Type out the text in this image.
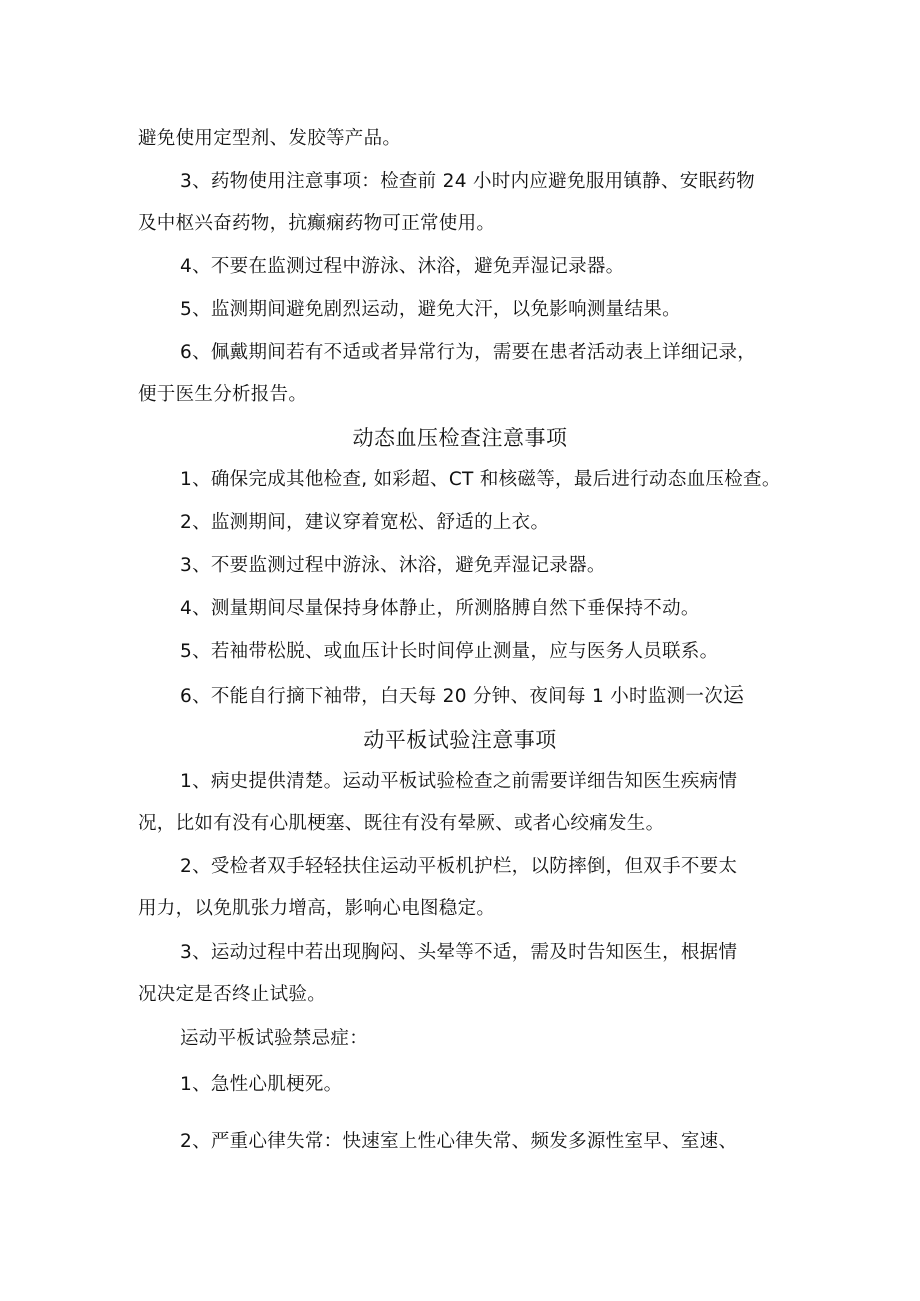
避免使用定型剂、发胶等产品。
3、药物使用注意事项：检查前 24 小时内应避免服用镇静、安眠药物
及中枢兴奋药物，抗癫痫药物可正常使用。
4、不要在监测过程中游泳、沐浴，避免弄湿记录器。
5、监测期间避免剧烈运动，避免大汗，以免影响测量结果。
6、佩戴期间若有不适或者异常行为，需要在患者活动表上详细记录，
便于医生分析报告。
动态血压检查注意事项
1、确保完成其他检查, 如彩超、CT 和核磁等，最后进行动态血压检查。
2、监测期间，建议穿着宽松、舒适的上衣。
3、不要监测过程中游泳、沐浴，避免弄湿记录器。
4、测量期间尽量保持身体静止，所测胳膊自然下垂保持不动。
5、若袖带松脱、或血压计长时间停止测量，应与医务人员联系。
6、不能自行摘下袖带，白天每 20 分钟、夜间每 1 小时监测一次运
动平板试验注意事项
1、病史提供清楚。运动平板试验检查之前需要详细告知医生疾病情
况，比如有没有心肌梗塞、既往有没有晕厥、或者心绞痛发生。
2、受检者双手轻轻扶住运动平板机护栏，以防摔倒，但双手不要太
用力，以免肌张力增高，影响心电图稳定。
3、运动过程中若出现胸闷、头晕等不适，需及时告知医生，根据情
况决定是否终止试验。
运动平板试验禁忌症：
1、急性心肌梗死。
2、严重心律失常：快速室上性心律失常、频发多源性室早、室速、
